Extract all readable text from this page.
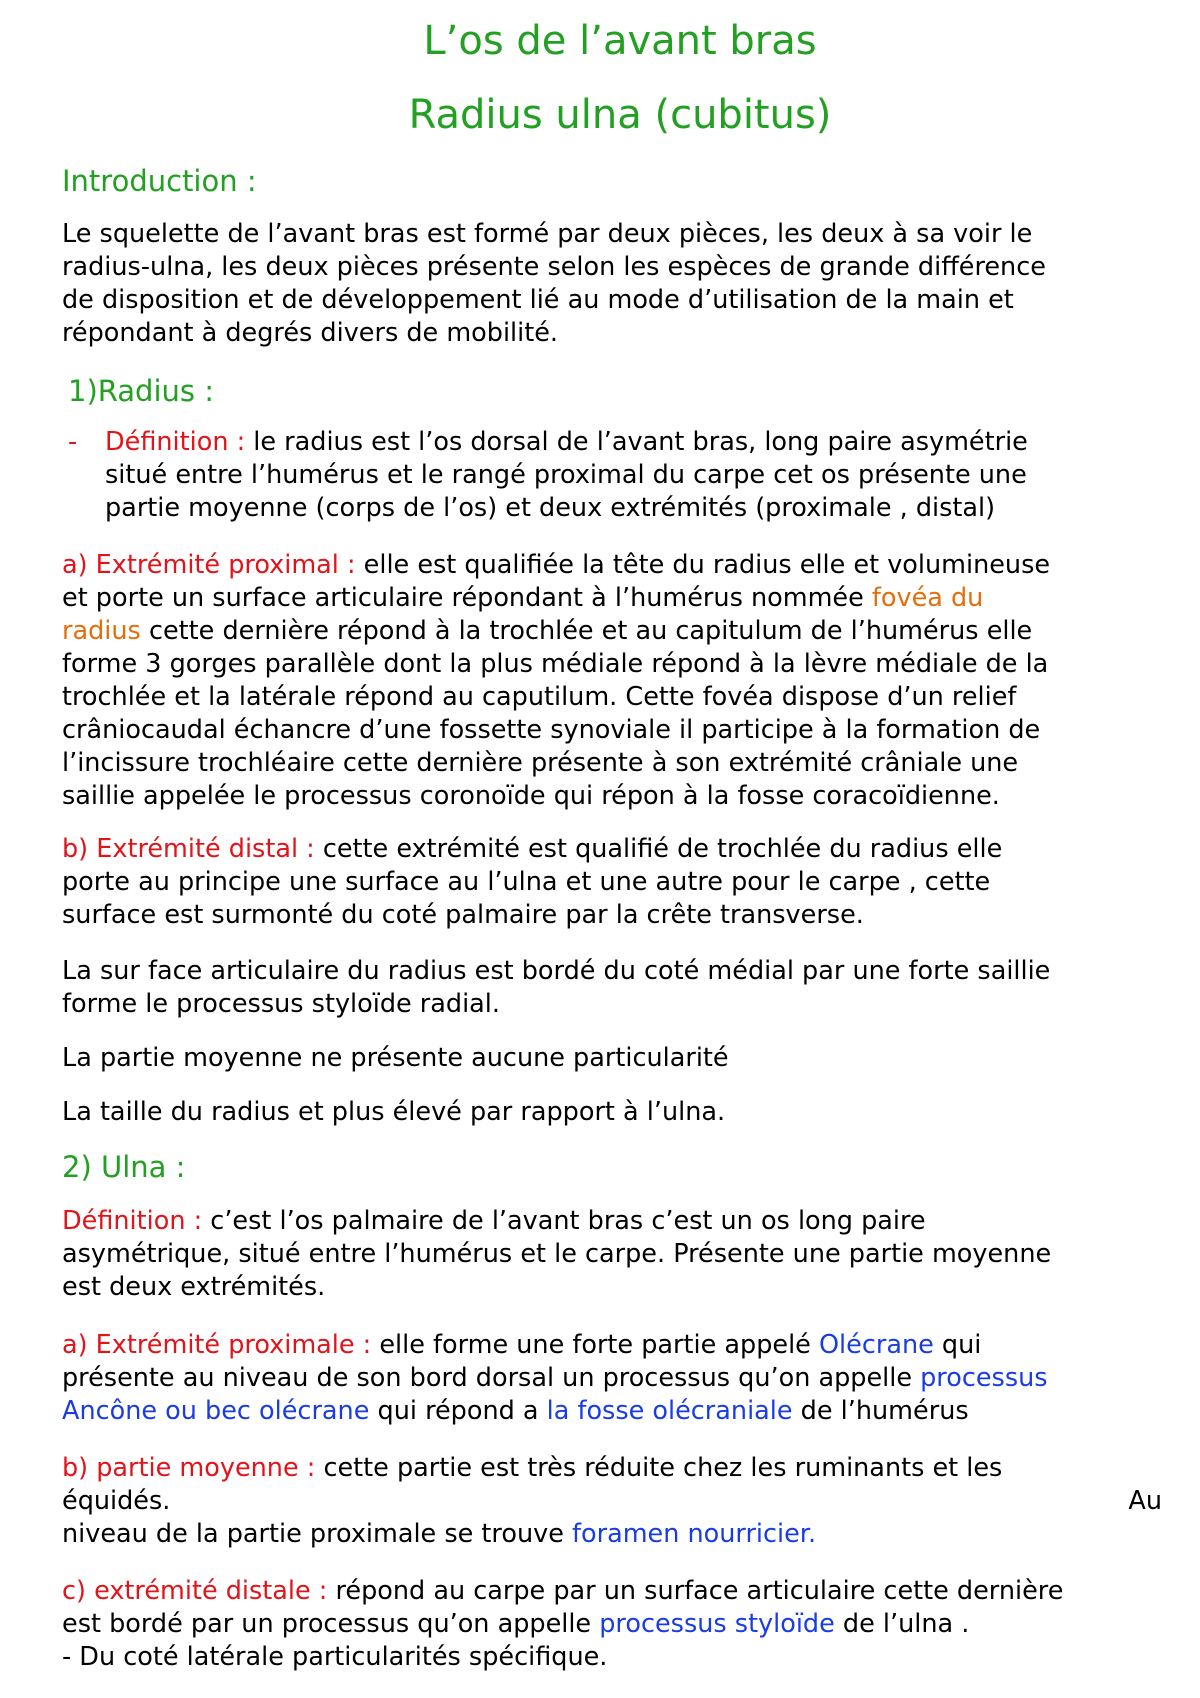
L’os de l’avant bras
Radius ulna (cubitus)
Introduction :

Le squelette de l’avant bras est formé par deux pièces, les deux à sa voir le

radius-ulna, les deux pièces présente selon les espèces de grande différence

de disposition et de développement lié au mode d’utilisation de la main et

répondant à degrés divers de mobilité.

1)Radius :
- Définition : le radius est l’os dorsal de l’avant bras, long paire asymétrie

situé entre l’humérus et le rangé proximal du carpe cet os présente une

partie moyenne (corps de l’os) et deux extrémités (proximale , distal)

a) Extrémité proximal : elle est qualifiée la tête du radius elle et volumineuse

et porte un surface articulaire répondant à l’humérus nommée fovéa du

radius cette dernière répond à la trochlée et au capitulum de l’humérus elle

forme 3 gorges parallèle dont la plus médiale répond à la lèvre médiale de la

trochlée et la latérale répond au caputilum. Cette fovéa dispose d’un relief

crâniocaudal échancre d’une fossette synoviale il participe à la formation de

l’incissure trochléaire cette dernière présente à son extrémité crâniale une

saillie appelée le processus coronoïde qui répon à la fosse coracoïdienne.

b) Extrémité distal : cette extrémité est qualifié de trochlée du radius elle

porte au principe une surface au l’ulna et une autre pour le carpe , cette

surface est surmonté du coté palmaire par la crête transverse.

La sur face articulaire du radius est bordé du coté médial par une forte saillie

forme le processus styloïde radial.

La partie moyenne ne présente aucune particularité

La taille du radius et plus élevé par rapport à l’ulna.

2) Ulna :

Définition : c’est l’os palmaire de l’avant bras c’est un os long paire

asymétrique, situé entre l’humérus et le carpe. Présente une partie moyenne

est deux extrémités.

a) Extrémité proximale : elle forme une forte partie appelé Olécrane qui

présente au niveau de son bord dorsal un processus qu’on appelle processus

Ancône ou bec olécrane qui répond a la fosse olécraniale de l’humérus

b) partie moyenne : cette partie est très réduite chez les ruminants et les

équidés.	Au

niveau de la partie proximale se trouve foramen nourricier.

c) extrémité distale : répond au carpe par un surface articulaire cette dernière

est bordé par un processus qu’on appelle processus styloïde de l’ulna .

- Du coté latérale particularités spécifique.
